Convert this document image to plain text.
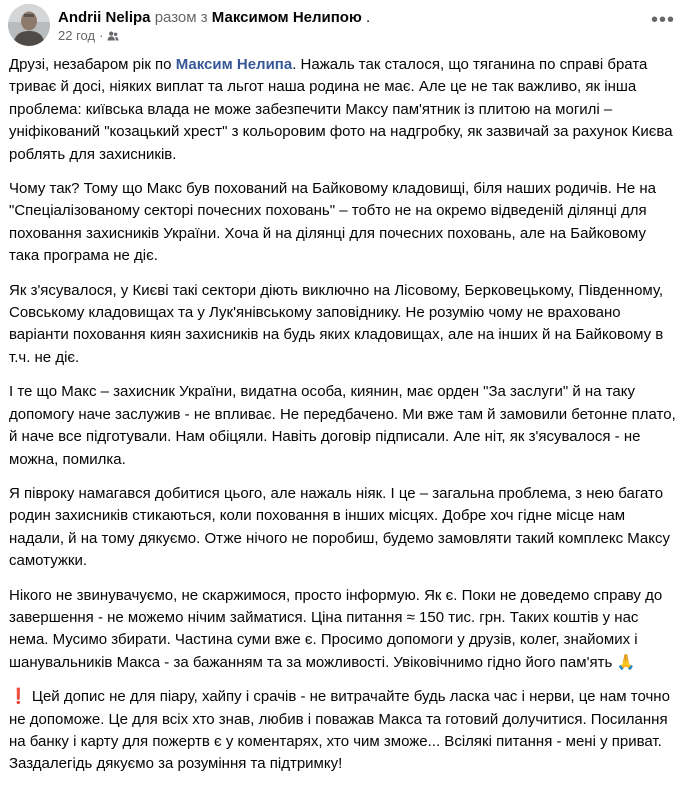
Andrii Nelipa разом з Максимом Нелипою .
22 год ·
•••

Друзі, незабаром рік по Максим Нелипа. Нажаль так сталося, що тяганина по справі брата триває й досі, ніяких виплат та льгот наша родина не має. Але це не так важливо, як інша проблема: київська влада не може забезпечити Максу пам'ятник із плитою на могилі – уніфікований "козацький хрест" з кольоровим фото на надгробку, як зазвичай за рахунок Києва роблять для захисників.

Чому так? Тому що Макс був похований на Байковому кладовищі, біля наших родичів. Не на "Спеціалізованому секторі почесних поховань" – тобто не на окремо відведеній ділянці для поховання захисників України. Хоча й на ділянці для почесних поховань, але на Байковому така програма не діє.

Як з'ясувалося, у Києві такі сектори діють виключно на Лісовому, Берковецькому, Південному, Совському кладовищах та у Лук'янівському заповіднику. Не розумію чому не враховано варіанти поховання киян захисників на будь яких кладовищах, але на інших й на Байковому в т.ч. не діє.

І те що Макс – захисник України, видатна особа, киянин, має орден "За заслуги" й на таку допомогу наче заслужив - не впливає. Не передбачено. Ми вже там й замовили бетонне плато, й наче все підготували. Нам обіцяли. Навіть договір підписали. Але ніт, як з'ясувалося - не можна, помилка.

Я півроку намагався добитися цього, але нажаль ніяк. І це – загальна проблема, з нею багато родин захисників стикаються, коли поховання в інших місцях. Добре хоч гідне місце нам надали, й на тому дякуємо. Отже нічого не поробиш, будемо замовляти такий комплекс Максу самотужки.

Нікого не звинувачуємо, не скаржимося, просто інформую. Як є. Поки не доведемо справу до завершення - не можемо нічим займатися. Ціна питання ≈ 150 тис. грн. Таких коштів у нас нема. Мусимо збирати. Частина суми вже є. Просимо допомоги у друзів, колег, знайомих і шанувальників Макса - за бажанням та за можливості. Увіковічнимо гідно його пам'ять 🙏

❗ Цей допис не для піару, хайпу і срачів - не витрачайте будь ласка час і нерви, це нам точно не допоможе. Це для всіх хто знав, любив і поважав Макса та готовий долучитися. Посилання на банку і карту для пожертв є у коментарях, хто чим зможе... Всілякі питання - мені у приват. Заздалегідь дякуємо за розуміння та підтримку!
